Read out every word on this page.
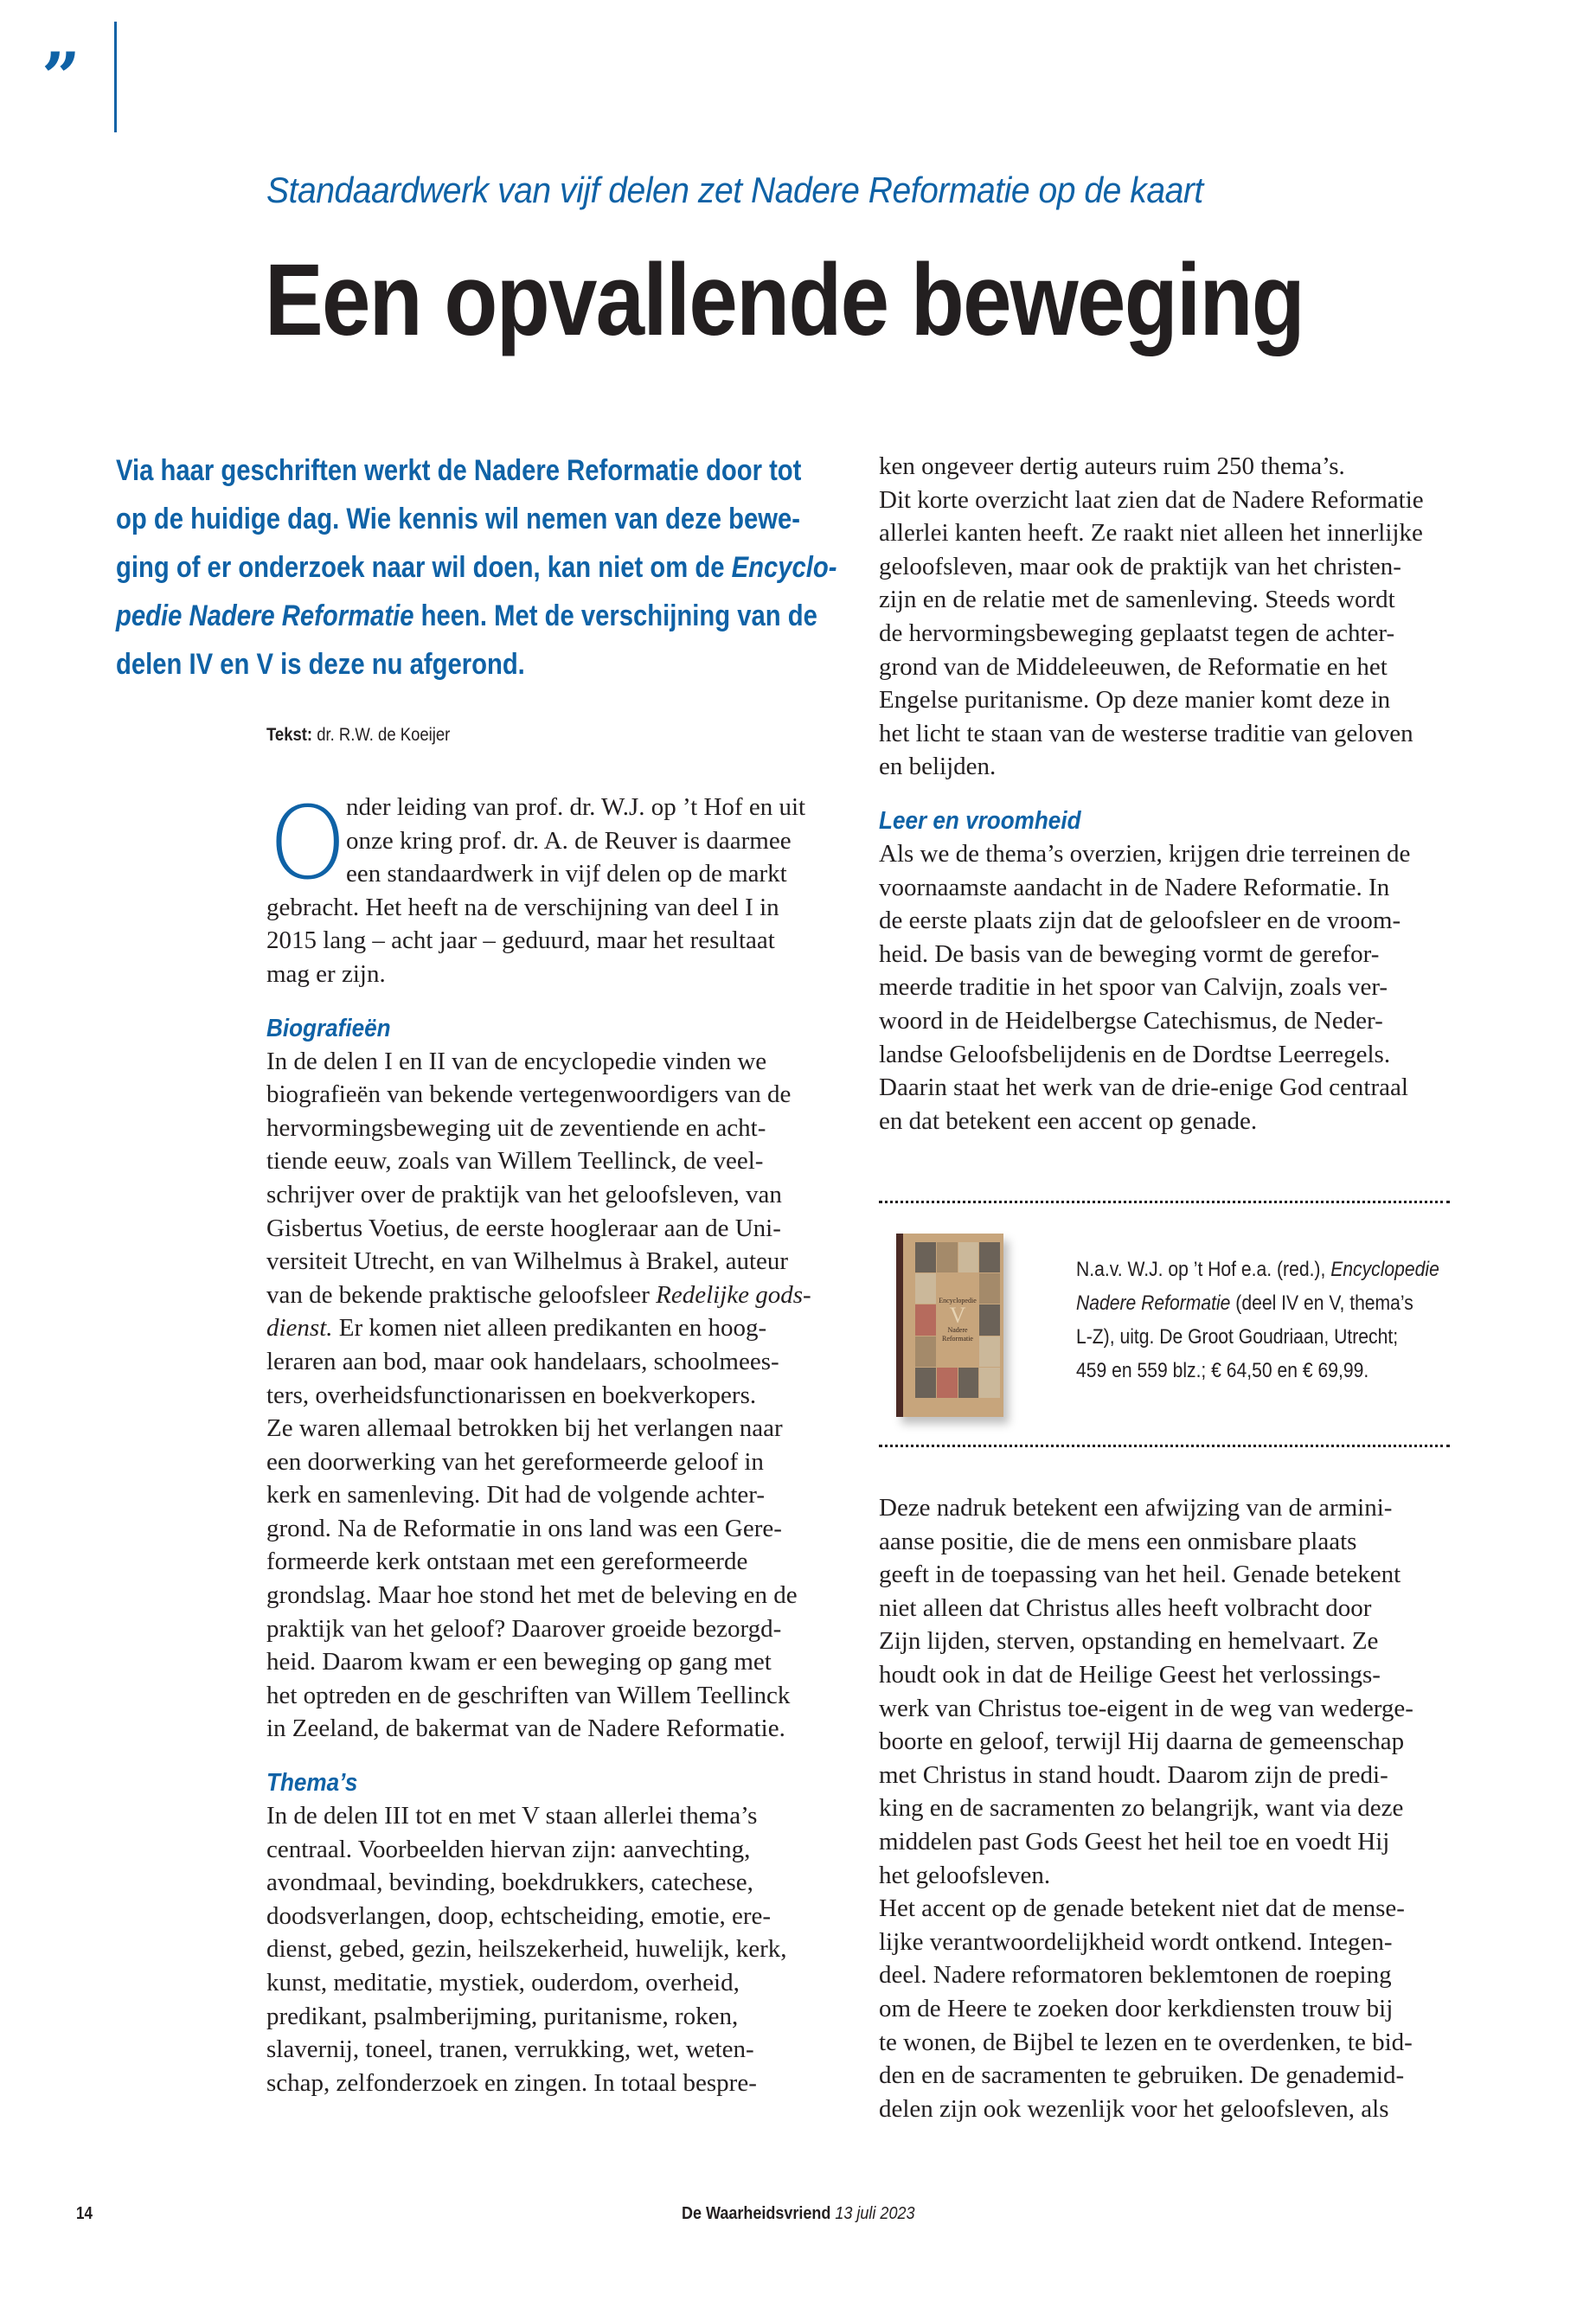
”
Standaardwerk van vijf delen zet Nadere Reformatie op de kaart
Een opvallende beweging
Via haar geschriften werkt de Nadere Reformatie door tot
op de huidige dag. Wie kennis wil nemen van deze bewe-
ging of er onderzoek naar wil doen, kan niet om de Encyclo-
pedie Nadere Reformatie heen. Met de verschijning van de
delen IV en V is deze nu afgerond.
Tekst: dr. R.W. de Koeijer
O
nder leiding van prof. dr. W.J. op ’t Hof en uit
onze kring prof. dr. A. de Reuver is daarmee
een standaardwerk in vijf delen op de markt
gebracht. Het heeft na de verschijning van deel I in
2015 lang – acht jaar – geduurd, maar het resultaat
mag er zijn.
Biografieën
In de delen I en II van de encyclopedie vinden we
biografieën van bekende vertegenwoordigers van de
hervormingsbeweging uit de zeventiende en acht-
tiende eeuw, zoals van Willem Teellinck, de veel-
schrijver over de praktijk van het geloofsleven, van
Gisbertus Voetius, de eerste hoogleraar aan de Uni-
versiteit Utrecht, en van Wilhelmus à Brakel, auteur
van de bekende praktische geloofsleer Redelijke gods-
dienst. Er komen niet alleen predikanten en hoog-
leraren aan bod, maar ook handelaars, schoolmees-
ters, overheidsfunctionarissen en boekverkopers.
Ze waren allemaal betrokken bij het verlangen naar
een doorwerking van het gereformeerde geloof in
kerk en samenleving. Dit had de volgende achter-
grond. Na de Reformatie in ons land was een Gere-
formeerde kerk ontstaan met een gereformeerde
grondslag. Maar hoe stond het met de beleving en de
praktijk van het geloof? Daarover groeide bezorgd-
heid. Daarom kwam er een beweging op gang met
het optreden en de geschriften van Willem Teellinck
in Zeeland, de bakermat van de Nadere Reformatie.
Thema’s
In de delen III tot en met V staan allerlei thema’s
centraal. Voorbeelden hiervan zijn: aanvechting,
avondmaal, bevinding, boekdrukkers, catechese,
doodsverlangen, doop, echtscheiding, emotie, ere-
dienst, gebed, gezin, heilszekerheid, huwelijk, kerk,
kunst, meditatie, mystiek, ouderdom, overheid,
predikant, psalmberijming, puritanisme, roken,
slavernij, toneel, tranen, verrukking, wet, weten-
schap, zelfonderzoek en zingen. In totaal bespre-
ken ongeveer dertig auteurs ruim 250 thema’s.
Dit korte overzicht laat zien dat de Nadere Reformatie
allerlei kanten heeft. Ze raakt niet alleen het innerlijke
geloofsleven, maar ook de praktijk van het christen-
zijn en de relatie met de samenleving. Steeds wordt
de hervormingsbeweging geplaatst tegen de achter-
grond van de Middeleeuwen, de Reformatie en het
Engelse puritanisme. Op deze manier komt deze in
het licht te staan van de westerse traditie van geloven
en belijden.
Leer en vroomheid
Als we de thema’s overzien, krijgen drie terreinen de
voornaamste aandacht in de Nadere Reformatie. In
de eerste plaats zijn dat de geloofsleer en de vroom-
heid. De basis van de beweging vormt de gerefor-
meerde traditie in het spoor van Calvijn, zoals ver-
woord in de Heidelbergse Catechismus, de Neder-
landse Geloofsbelijdenis en de Dordtse Leerregels.
Daarin staat het werk van de drie-enige God centraal
en dat betekent een accent op genade.
Encyclopedie
V
Nadere
Reformatie
N.a.v. W.J. op ’t Hof e.a. (red.), Encyclopedie
Nadere Reformatie (deel IV en V, thema’s
L-Z), uitg. De Groot Goudriaan, Utrecht;
459 en 559 blz.; € 64,50 en € 69,99.
Deze nadruk betekent een afwijzing van de armini-
aanse positie, die de mens een onmisbare plaats
geeft in de toepassing van het heil. Genade betekent
niet alleen dat Christus alles heeft volbracht door
Zijn lijden, sterven, opstanding en hemelvaart. Ze
houdt ook in dat de Heilige Geest het verlossings-
werk van Christus toe-eigent in de weg van wederge-
boorte en geloof, terwijl Hij daarna de gemeenschap
met Christus in stand houdt. Daarom zijn de predi-
king en de sacramenten zo belangrijk, want via deze
middelen past Gods Geest het heil toe en voedt Hij
het geloofsleven.
Het accent op de genade betekent niet dat de mense-
lijke verantwoordelijkheid wordt ontkend. Integen-
deel. Nadere reformatoren beklemtonen de roeping
om de Heere te zoeken door kerkdiensten trouw bij
te wonen, de Bijbel te lezen en te overdenken, te bid-
den en de sacramenten te gebruiken. De genademid-
delen zijn ook wezenlijk voor het geloofsleven, als
14	De Waarheidsvriend 13 juli 2023
